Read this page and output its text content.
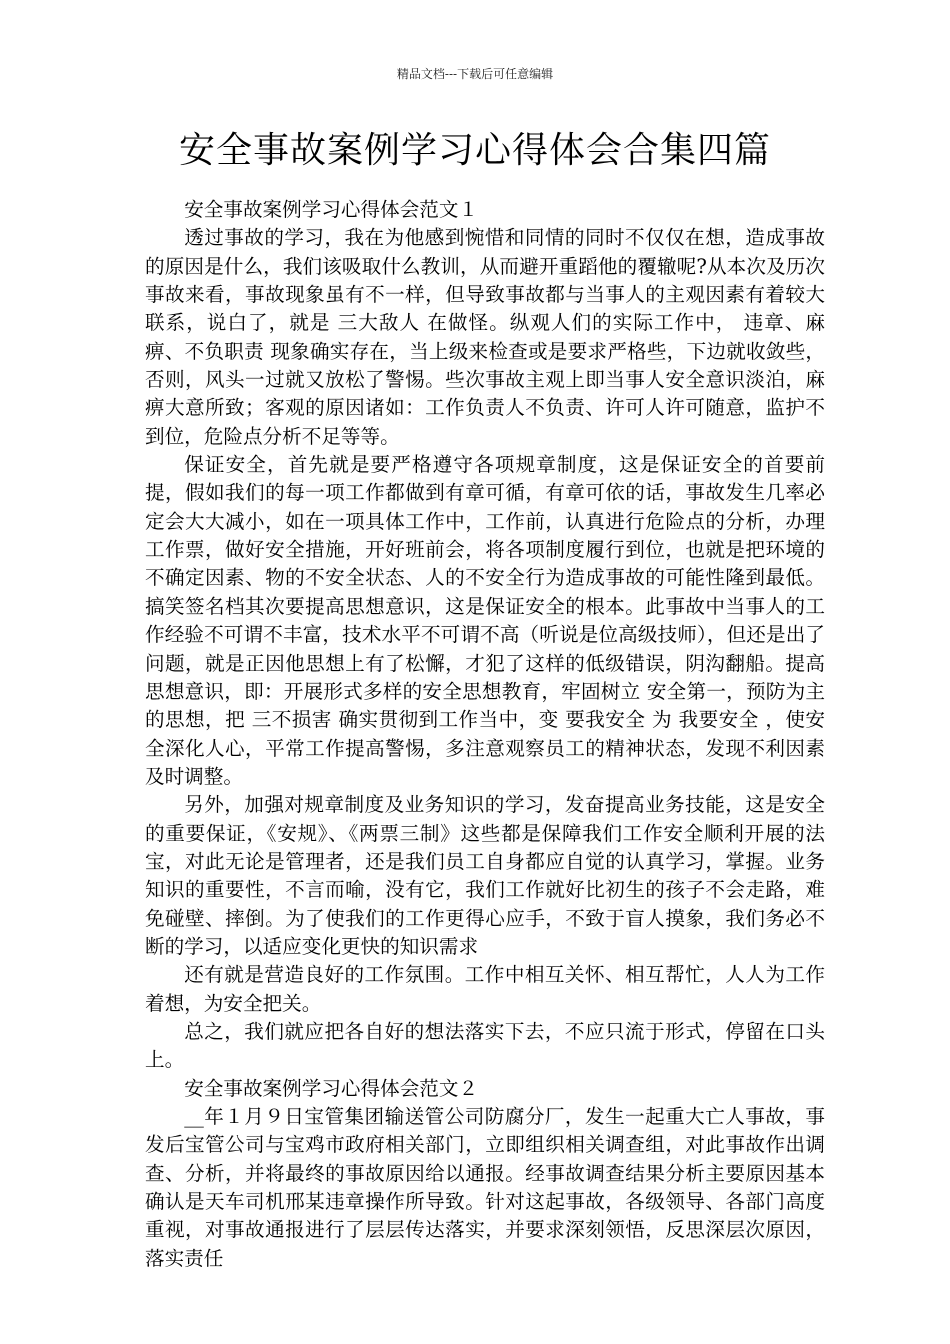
精品文档---下载后可任意编辑
安全事故案例学习心得体会合集四篇

安全事故案例学习心得体会范文１

透过事故的学习，我在为他感到惋惜和同情的同时不仅仅在想，造成事故的原因是什么，我们该吸取什么教训，从而避开重蹈他的覆辙呢?从本次及历次事故来看，事故现象虽有不一样，但导致事故都与当事人的主观因素有着较大联系，说白了，就是 三大敌人 在做怪。纵观人们的实际工作中， 违章、麻痹、不负职责 现象确实存在，当上级来检查或是要求严格些，下边就收敛些，否则，风头一过就又放松了警惕。些次事故主观上即当事人安全意识淡泊，麻痹大意所致；客观的原因诸如：工作负责人不负责、许可人许可随意，监护不到位，危险点分析不足等等。

保证安全，首先就是要严格遵守各项规章制度，这是保证安全的首要前提，假如我们的每一项工作都做到有章可循，有章可依的话，事故发生几率必定会大大减小，如在一项具体工作中，工作前，认真进行危险点的分析，办理工作票，做好安全措施，开好班前会，将各项制度履行到位，也就是把环境的不确定因素、物的不安全状态、人的不安全行为造成事故的可能性隆到最低。搞笑签名档其次要提高思想意识，这是保证安全的根本。此事故中当事人的工作经验不可谓不丰富，技术水平不可谓不高（听说是位高级技师），但还是出了问题，就是正因他思想上有了松懈，才犯了这样的低级错误，阴沟翻船。提高思想意识，即：开展形式多样的安全思想教育，牢固树立 安全第一，预防为主 的思想，把 三不损害 确实贯彻到工作当中，变 要我安全 为 我要安全 ，使安全深化人心，平常工作提高警惕，多注意观察员工的精神状态，发现不利因素及时调整。

另外，加强对规章制度及业务知识的学习，发奋提高业务技能，这是安全的重要保证，《安规》、《两票三制》这些都是保障我们工作安全顺利开展的法宝，对此无论是管理者，还是我们员工自身都应自觉的认真学习，掌握。业务知识的重要性，不言而喻，没有它，我们工作就好比初生的孩子不会走路，难免碰壁、摔倒。为了使我们的工作更得心应手，不致于盲人摸象，我们务必不断的学习，以适应变化更快的知识需求

还有就是营造良好的工作氛围。工作中相互关怀、相互帮忙，人人为工作着想，为安全把关。

总之，我们就应把各自好的想法落实下去，不应只流于形式，停留在口头上。

安全事故案例学习心得体会范文２

__年１月９日宝管集团输送管公司防腐分厂，发生一起重大亡人事故，事发后宝管公司与宝鸡市政府相关部门，立即组织相关调查组，对此事故作出调查、分析，并将最终的事故原因给以通报。经事故调查结果分析主要原因基本确认是天车司机邢某违章操作所导致。针对这起事故，各级领导、各部门高度重视，对事故通报进行了层层传达落实，并要求深刻领悟，反思深层次原因，落实责任
